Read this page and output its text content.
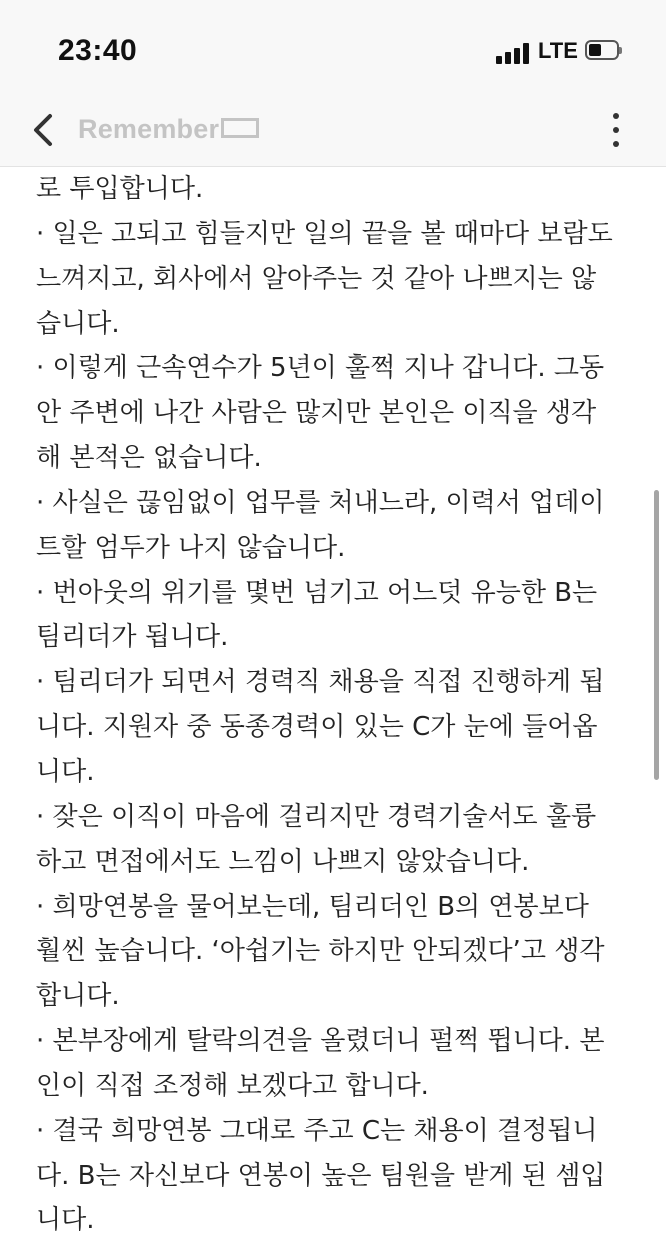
23:40	LTE
Remember
로 투입합니다.
· 일은 고되고 힘들지만 일의 끝을 볼 때마다 보람도
느껴지고, 회사에서 알아주는 것 같아 나쁘지는 않
습니다.
· 이렇게 근속연수가 5년이 훌쩍 지나 갑니다. 그동
안 주변에 나간 사람은 많지만 본인은 이직을 생각
해 본적은 없습니다.
· 사실은 끊임없이 업무를 처내느라, 이력서 업데이
트할 엄두가 나지 않습니다.
· 번아웃의 위기를 몇번 넘기고 어느덧 유능한 B는
팀리더가 됩니다.
· 팀리더가 되면서 경력직 채용을 직접 진행하게 됩
니다. 지원자 중 동종경력이 있는 C가 눈에 들어옵
니다.
· 잦은 이직이 마음에 걸리지만 경력기술서도 훌륭
하고 면접에서도 느낌이 나쁘지 않았습니다.
· 희망연봉을 물어보는데, 팀리더인 B의 연봉보다
훨씬 높습니다. ‘아쉽기는 하지만 안되겠다’고 생각
합니다.
· 본부장에게 탈락의견을 올렸더니 펄쩍 뜁니다. 본
인이 직접 조정해 보겠다고 합니다.
· 결국 희망연봉 그대로 주고 C는 채용이 결정됩니
다. B는 자신보다 연봉이 높은 팀원을 받게 된 셈입
니다.
